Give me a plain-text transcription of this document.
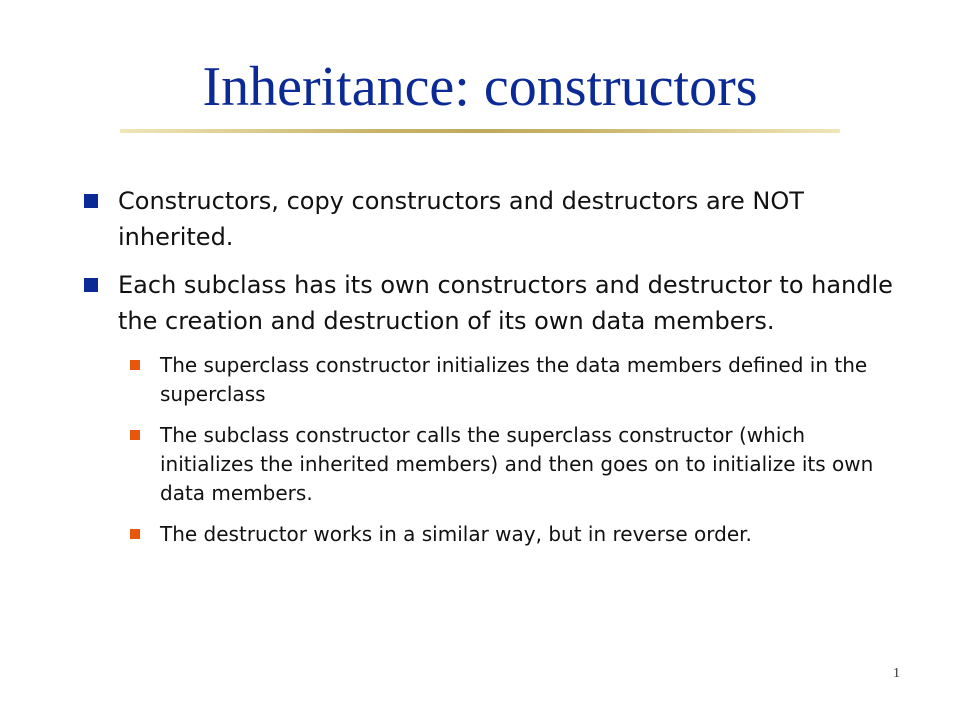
Inheritance: constructors
Constructors, copy constructors and destructors are NOT inherited.
Each subclass has its own constructors and destructor to handle the creation and destruction of its own data members.
The superclass constructor initializes the data members defined in the superclass
The subclass constructor calls the superclass constructor (which initializes the inherited members) and then goes on to initialize its own data members.
The destructor works in a similar way, but in reverse order.
1
